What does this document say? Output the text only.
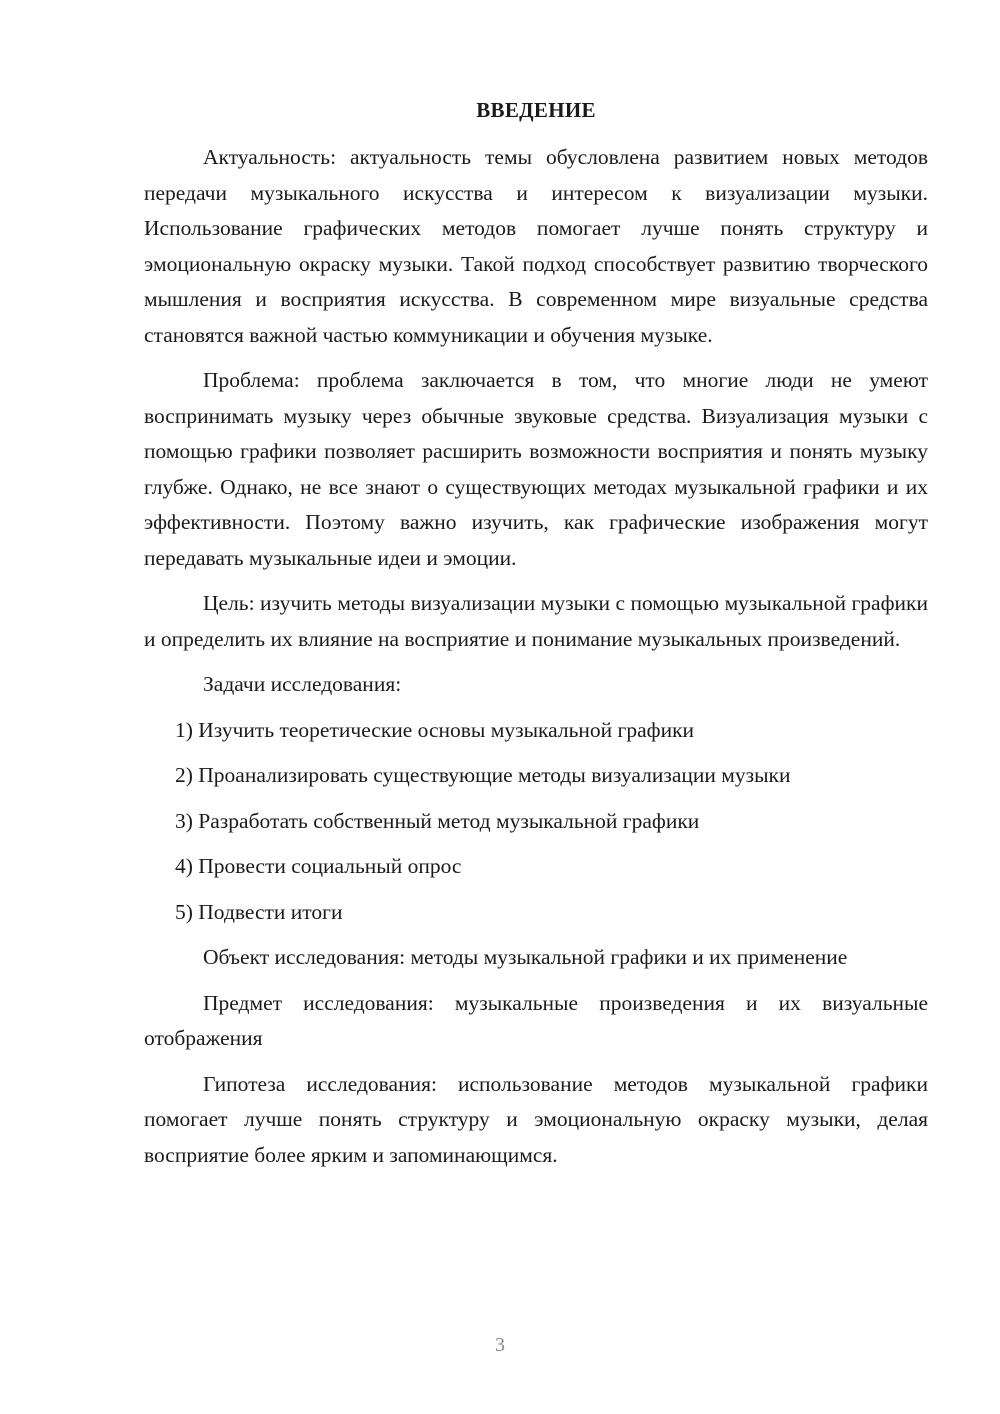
ВВЕДЕНИЕ

Актуальность: актуальность темы обусловлена развитием новых методов передачи музыкального искусства и интересом к визуализации музыки. Использование графических методов помогает лучше понять структуру и эмоциональную окраску музыки. Такой подход способствует развитию творческого мышления и восприятия искусства. В современном мире визуальные средства становятся важной частью коммуникации и обучения музыке.

Проблема: проблема заключается в том, что многие люди не умеют воспринимать музыку через обычные звуковые средства. Визуализация музыки с помощью графики позволяет расширить возможности восприятия и понять музыку глубже. Однако, не все знают о существующих методах музыкальной графики и их эффективности. Поэтому важно изучить, как графические изображения могут передавать музыкальные идеи и эмоции.

Цель: изучить методы визуализации музыки с помощью музыкальной графики и определить их влияние на восприятие и понимание музыкальных произведений.

Задачи исследования:

1) Изучить теоретические основы музыкальной графики
2) Проанализировать существующие методы визуализации музыки
3) Разработать собственный метод музыкальной графики
4) Провести социальный опрос
5) Подвести итоги

Объект исследования: методы музыкальной графики и их применение

Предмет исследования: музыкальные произведения и их визуальные отображения

Гипотеза исследования: использование методов музыкальной графики помогает лучше понять структуру и эмоциональную окраску музыки, делая восприятие более ярким и запоминающимся.

3
